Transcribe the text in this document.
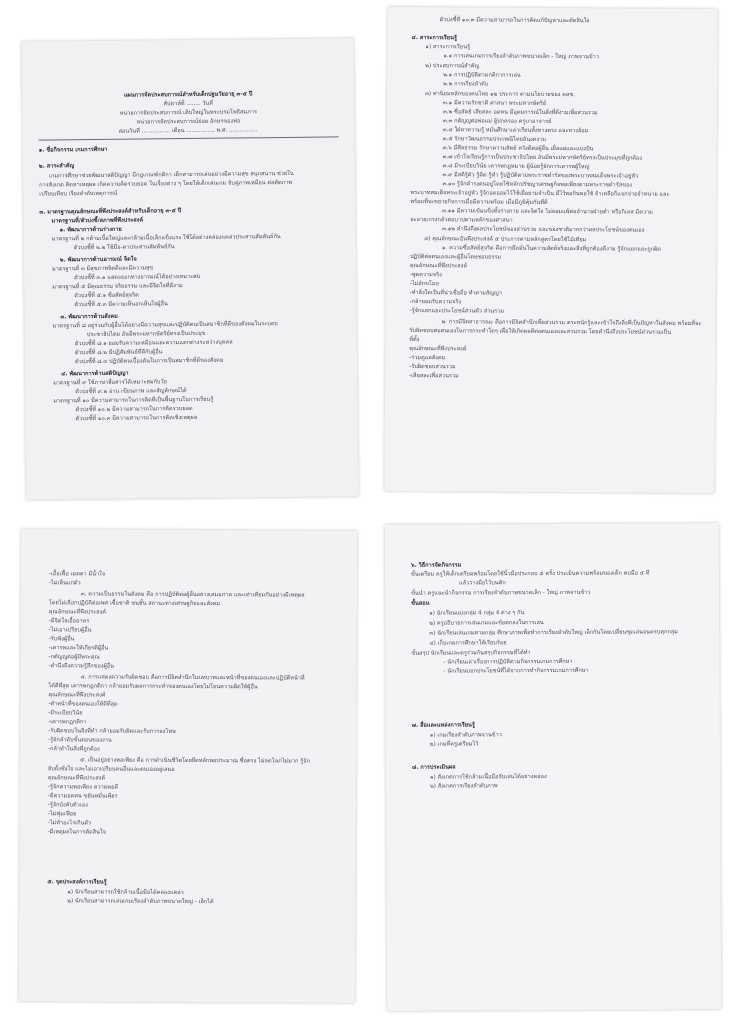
แผนการจัดประสบการณ์สำหรับเด็กปฐมวัยอายุ ๓-๕ ปี
สัปดาห์ที่ ........ วันที่
หน่วยการจัดประสบการณ์ เติบใหญ่ในพระบรมโพธิสมภาร
หน่วยการจัดประสบการณ์ย่อย อักษรของพ่อ
สอนวันที่ ................ เดือน ................ พ.ศ. ................
๑. ชื่อกิจกรรม เกมการศึกษา
๒. สาระสำคัญ
เกมการศึกษาช่วยพัฒนาสติปัญญา มีกฎเกณฑ์กติกา เด็กสามารถเล่นอย่างมีความสุข สนุกสนาน ช่วยใน
การสังเกต คิดหาเหตุผล เกิดความคิดรวบยอด ในเรื่องต่าง ๆ โดยให้เด็กเล่นเกม จับคู่ภาพเหมือน ต่อตัดภาพ
เปรียบเทียบ เรียงลำดับเหตุการณ์
๓. มาตรฐานคุณลักษณะที่พึงประสงค์สำหรับเด็กอายุ ๓-๕ ปี
มาตรฐานที่/ตัวบ่งชี้/สภาพที่พึงประสงค์
๑. พัฒนาการด้านร่างกาย
มาตรฐานที่ ๒ กล้ามเนื้อใหญ่และกล้ามเนื้อเล็กแข็งแรง ใช้ได้อย่างคล่องแคล่วประสานสัมพันธ์กัน
ตัวบ่งชี้ที่ ๒.๒ ใช้มือ-ตาประสานสัมพันธ์กัน
๒. พัฒนาการด้านอารมณ์ จิตใจ
มาตรฐานที่ ๓ มีสุขภาพจิตดีและมีความสุข
ตัวบ่งชี้ที่ ๓.๑ แสดงออกทางอารมณ์ได้อย่างเหมาะสม
มาตรฐานที่ ๕ มีคุณธรรม จริยธรรม และมีจิตใจที่ดีงาม
ตัวบ่งชี้ที่ ๕.๑ ซื่อสัตย์สุจริต
ตัวบ่งชี้ที่ ๕.๓ มีความเห็นอกเห็นใจผู้อื่น
๓. พัฒนาการด้านสังคม
มาตรฐานที่ ๘ อยู่ร่วมกับผู้อื่นได้อย่างมีความสุขและปฏิบัติตนเป็นสมาชิกที่ดีของสังคมในระบอบ
ประชาธิปไตย อันมีพระมหากษัตริย์ทรงเป็นประมุข
ตัวบ่งชี้ที่ ๘.๑ ยอมรับความเหมือนและความแตกต่างระหว่างบุคคล
ตัวบ่งชี้ที่ ๘.๒ มีปฏิสัมพันธ์ที่ดีกับผู้อื่น
ตัวบ่งชี้ที่ ๘.๓ ปฏิบัติตนเบื้องต้นในการเป็นสมาชิกที่ดีของสังคม
๔. พัฒนาการด้านสติปัญญา
มาตรฐานที่ ๙ ใช้ภาษาสื่อสารได้เหมาะสมกับวัย
ตัวบ่งชี้ที่ ๙.๒ อ่าน เขียนภาพ และสัญลักษณ์ได้
มาตรฐานที่ ๑๐ มีความสามารถในการคิดที่เป็นพื้นฐานในการเรียนรู้
ตัวบ่งชี้ที่ ๑๐.๒ มีความสามารถในการคิดรวบยอด
ตัวบ่งชี้ที่ ๑๐.๓ มีความสามารถในการคิดเชิงเหตุผล
ตัวบ่งชี้ที่ ๑๐.๓ มีความสามารถในการคิดแก้ปัญหาและตัดสินใจ
๔. สาระการเรียนรู้
๑) สาระการเรียนรู้
๑.๑ การเล่นเกมการเรียงลำดับภาพขนาดเล็ก - ใหญ่ ภาพจานข้าว
๒) ประสบการณ์สำคัญ
๒.๑ การปฏิบัติตามกติกาการเล่น
๒.๒ การเรียงลำดับ
๓) ค่านิยมหลักของคนไทย ๑๒ ประการ ตามนโยบายของ คสช.
๓.๑ มีความรักชาติ ศาสนา พระมหากษัตริย์
๓.๒ ซื่อสัตย์ เสียสละ อดทน มีอุดมการณ์ในสิ่งที่ดีงามเพื่อส่วนรวม
๓.๓ กตัญญูต่อพ่อแม่ ผู้ปกครอง ครูบาอาจารย์
๓.๔ ใฝ่หาความรู้ หมั่นศึกษาเล่าเรียนทั้งทางตรง และทางอ้อม
๓.๕ รักษาวัฒนธรรมประเพณีไทยอันงดงาม
๓.๖ มีศีลธรรม รักษาความสัตย์ หวังดีต่อผู้อื่น เผื่อแผ่และแบ่งปัน
๓.๗ เข้าใจเรียนรู้การเป็นประชาธิปไตย อันมีพระมหากษัตริย์ทรงเป็นประมุขที่ถูกต้อง
๓.๘ มีระเบียบวินัย เคารพกฎหมาย ผู้น้อยรู้จักการเคารพผู้ใหญ่
๓.๙ มีสติรู้ตัว รู้คิด รู้ทำ รู้ปฏิบัติตามพระราชดำรัสของพระบาทสมเด็จพระเจ้าอยู่หัว
๓.๑๐ รู้จักดำรงตนอยู่โดยใช้หลักปรัชญาเศรษฐกิจพอเพียงตามพระราชดำรัสของ
พระบาทสมเด็จพระเจ้าอยู่หัว รู้จักอดออมไว้ใช้เมื่อยามจำเป็น มีไว้พอกินพอใช้ ถ้าเหลือก็แจกจ่ายจำหน่าย และ
พร้อมที่จะขยายกิจการเมื่อมีความพร้อม เมื่อมีภูมิคุ้มกันที่ดี
๓.๑๑ มีความเข้มแข็งทั้งร่างกาย และจิตใจ ไม่ยอมแพ้ต่ออำนาจฝ่ายต่ำ หรือกิเลส มีความ
ละอายเกรงกลัวต่อบาปตามหลักของศาสนา
๓.๑๒ คำนึงถึงผลประโยชน์ของส่วนรวม และของชาติมากกว่าผลประโยชน์ของตนเอง
๔) คุณลักษณะอันพึงประสงค์ ๕ ประการตามหลักสูตรโดยใช้ไม้เทียม
๑. ความซื่อสัตย์สุจริต คือการยึดมั่นในความสัตย์จริงและสิ่งที่ถูกต้องดีงาม รู้จักแยกแยะถูกผิด
ปฏิบัติต่อตนเองและผู้อื่นโดยชอบธรรม
คุณลักษณะที่พึงประสงค์
-พูดความจริง
-ไม่ลักขโมย
-ทำสิ่งใดเป็นที่น่าเชื่อถือ ทำตามสัญญา
-กล้ายอมรับความจริง
-รู้จักแยกแยะประโยชน์ส่วนตัว ส่วนรวม
๒. การมีจิตสาธารณะ คือการมีจิตสำนึกเพื่อส่วนรวม ตระหนักรู้และเข้าใจถึงสิ่งที่เป็นปัญหาในสังคม พร้อมที่จะ
รับผิดชอบต่อตนเองในการกระทำใดๆ เพื่อให้เกิดผลดีต่อตนเองและส่วนรวม โดยคำนึงถึงประโยชน์ส่วนรวมเป็น
ที่ตั้ง
คุณลักษณะที่พึงประสงค์
-ร่วมดูแลสังคม
-รับผิดชอบส่วนรวม
-เสียสละเพื่อส่วนรวม
-เอื้อเฟื้อ เมตตา มีน้ำใจ
-ไม่เห็นแก่ตัว
๓. ความเป็นธรรมในสังคม คือ การปฏิบัติต่อผู้อื่นอย่างเสมอภาค และเท่าเทียมกันอย่างมีเหตุผล
โดยไม่เลือกปฏิบัติต่อเพศ เชื้อชาติ ชนชั้น สถานะทางเศรษฐกิจและสังคม
คุณลักษณะที่พึงประสงค์
-มีจิตใจเอื้ออาทร
-ไม่เอาเปรียบผู้อื่น
-รับฟังผู้อื่น
-เคารพและให้เกียรติผู้อื่น
-กตัญญูต่อผู้มีพระคุณ
-คำนึงถึงความรู้สึกของผู้อื่น
๔. การแสดงความรับผิดชอบ คือการมีจิตสำนึกในบทบาทและหน้าที่ของตนเองและปฏิบัติหน้าที่
ได้ดีที่สุด เคารพกฎกติกา กล้ายอมรับผลการกระทำของตนเองโดยไม่โยนความผิดให้ผู้อื่น
คุณลักษณะที่พึงประสงค์
-ทำหน้าที่ของตนเองให้ดีที่สุด
-มีระเบียบวินัย
-เคารพกฎกติกา
-รับผิดชอบในสิ่งที่ทำ กล้ายอมรับผิดและรับการลงโทษ
-รู้จักลำดับขั้นตอนของงาน
-กล้าทำในสิ่งที่ถูกต้อง
๕. เป็นอยู่อย่างพอเพียง คือ การดำเนินชีวิตโดยยึดหลักพอประมาณ ซื่อตรง ไม่ลดโลภไม่มาก รู้จัก
ยับยั้งชั่งใจ และไม่เอาเปรียบคนอื่นและตนเองอยู่เสมอ
คุณลักษณะที่พึงประสงค์
-รู้จักความพอเพียง ความพอดี
-มีความอดทน ขยันหมั่นเพียร
-รู้จักบังคับตัวเอง
-ไม่ฟุ่มเฟือย
-ไม่ทำอะไรเกินตัว
-มีเหตุผลในการตัดสินใจ
๕. จุดประสงค์การเรียนรู้
๑) นักเรียนสามารถใช้กล้ามเนื้อมือได้คล่องแคล่ว
๒) นักเรียนสามารถเล่นเกมเรียงลำดับภาพขนาดใหญ่ - เล็กได้
๖. วิธีการจัดกิจกรรม
ขั้นเตรียม ครูให้เด็กเตรียมพร้อมโดยใช้นิ้วมือประกอบ ๕ ครั้ง ประเมินความพร้อมของเด็ก ตบมือ ๕ ที
แล้ววางมือไว้บนตัก
ขั้นนำ ครูแนะนำกิจกรรม การเรียงลำดับภาพขนาดเล็ก - ใหญ่ ภาพจานข้าว
ขั้นสอน
๑) นักเรียนแบ่งกลุ่ม 4 กลุ่ม 4 ต่าง ๆ กัน
๒) ครูอธิบายการเล่นเกมและข้อตกลงในการเล่น
๓) นักเรียนเล่นเกมตามกลุ่ม ศึกษาภาพเพื่อทำการเรียงลำดับใหญ่ เล็กกันโดยเปลี่ยนชุดเล่นจนครบทุกกลุ่ม
๔) เก็บเกมการศึกษาให้เรียบร้อย
ขั้นสรุป นักเรียนและครูร่วมกันสรุปกิจกรรมที่ได้ทำ
- นักเรียนเล่าเรื่องการปฏิบัติตามกิจกรรมเกมการศึกษา
- นักเรียนบอกประโยชน์ที่ได้จากการทำกิจกรรมเกมการศึกษา
๗. สื่อและแหล่งการเรียนรู้
๑) เกมเรียงลำดับภาพจานข้าว
๒) เกมที่ครูเตรียมไว้
๘. การประเมินผล
๑) สังเกตการใช้กล้ามเนื้อมือจับเล่นได้อย่างคล่อง
๒) สังเกตการเรียงลำดับภาพ
